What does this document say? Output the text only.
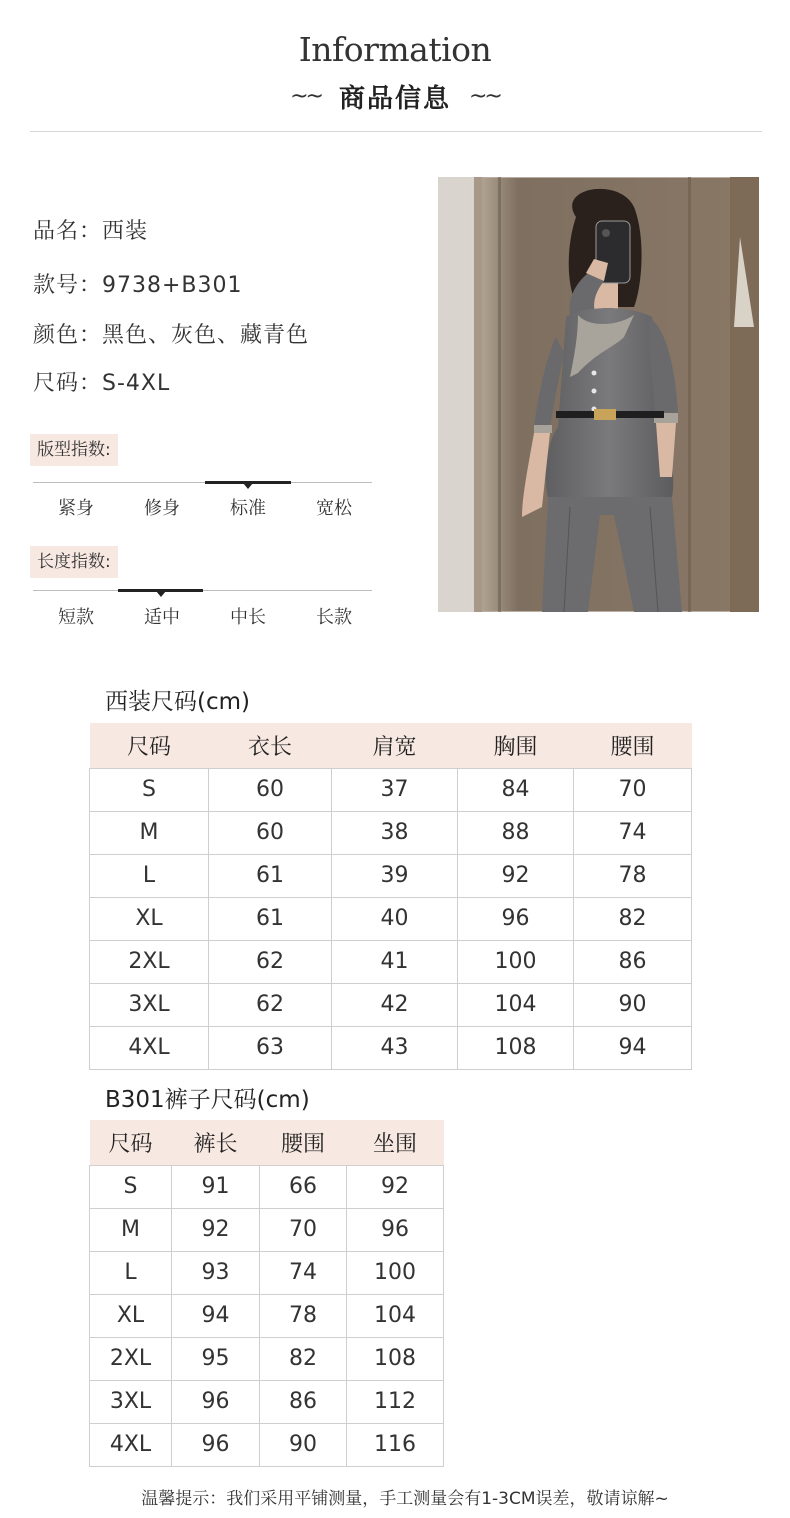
Information
~~ 商品信息 ~~
品名：西装
款号：9738+B301
颜色：黑色、灰色、藏青色
尺码：S-4XL
版型指数:
紧身	修身	标准	宽松
长度指数:
短款	适中	中长	长款
西装尺码(cm)
尺码	衣长	肩宽	胸围	腰围
S	60	37	84	70
M	60	38	88	74
L	61	39	92	78
XL	61	40	96	82
2XL	62	41	100	86
3XL	62	42	104	90
4XL	63	43	108	94
B301裤子尺码(cm)
尺码	裤长	腰围	坐围
S	91	66	92
M	92	70	96
L	93	74	100
XL	94	78	104
2XL	95	82	108
3XL	96	86	112
4XL	96	90	116
温馨提示：我们采用平铺测量，手工测量会有1-3CM误差，敬请谅解~
